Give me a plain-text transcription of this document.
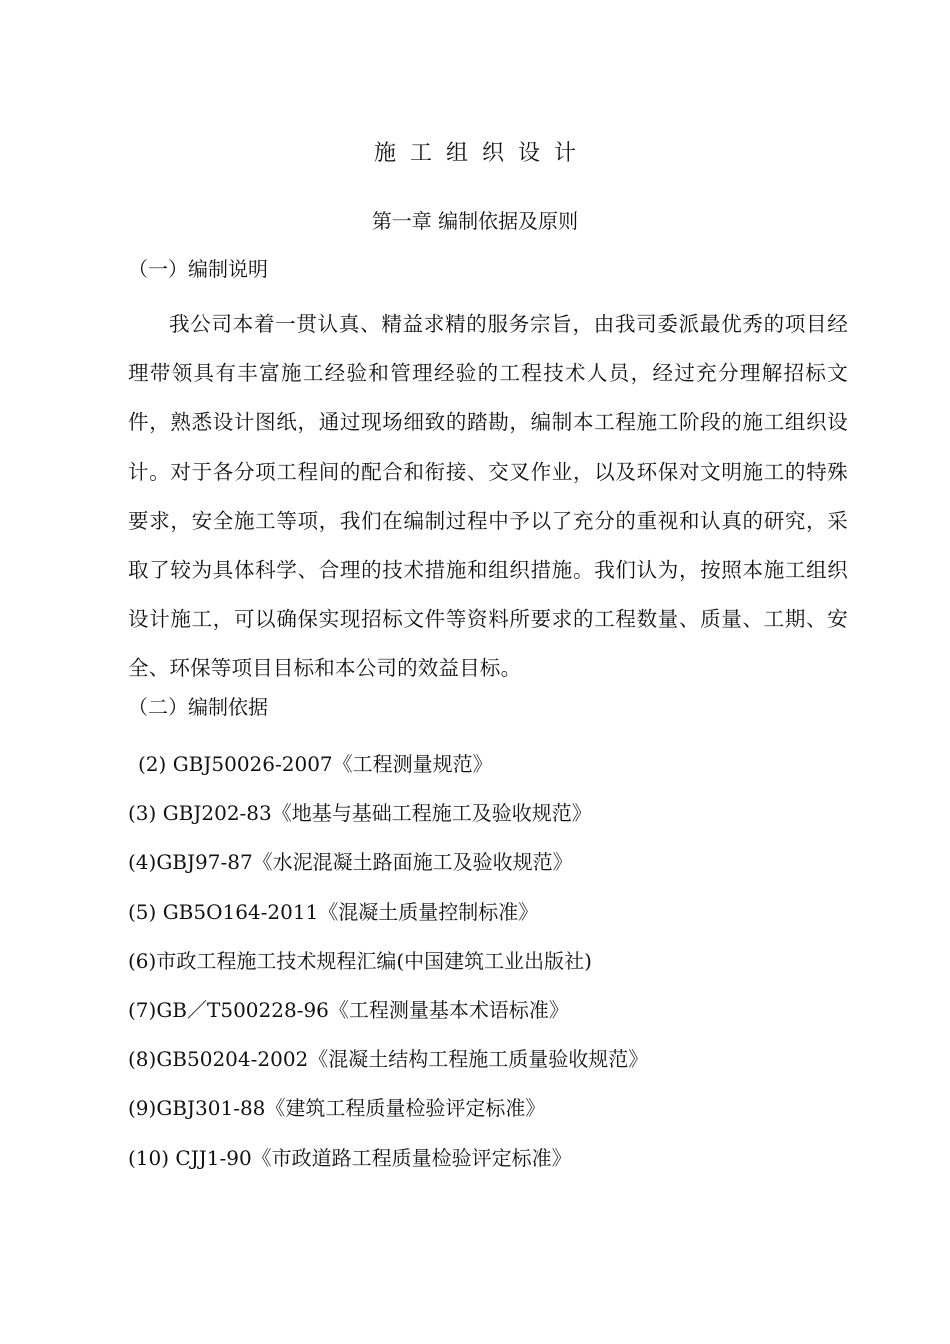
施工组织设计
第一章 编制依据及原则
（一）编制说明

我公司本着一贯认真、精益求精的服务宗旨，由我司委派最优秀的项目经理带领具有丰富施工经验和管理经验的工程技术人员，经过充分理解招标文件，熟悉设计图纸，通过现场细致的踏勘，编制本工程施工阶段的施工组织设计。对于各分项工程间的配合和衔接、交叉作业，以及环保对文明施工的特殊要求，安全施工等项，我们在编制过程中予以了充分的重视和认真的研究，采取了较为具体科学、合理的技术措施和组织措施。我们认为，按照本施工组织设计施工，可以确保实现招标文件等资料所要求的工程数量、质量、工期、安全、环保等项目目标和本公司的效益目标。

（二）编制依据
(2) GBJ50026-2007《工程测量规范》
(3) GBJ202-83《地基与基础工程施工及验收规范》
(4)GBJ97-87《水泥混凝土路面施工及验收规范》
(5) GB5O164-2011《混凝土质量控制标准》
(6)市政工程施工技术规程汇编(中国建筑工业出版社)
(7)GB／T500228-96《工程测量基本术语标准》
(8)GB50204-2002《混凝土结构工程施工质量验收规范》
(9)GBJ301-88《建筑工程质量检验评定标准》
(10) CJJ1-90《市政道路工程质量检验评定标准》
